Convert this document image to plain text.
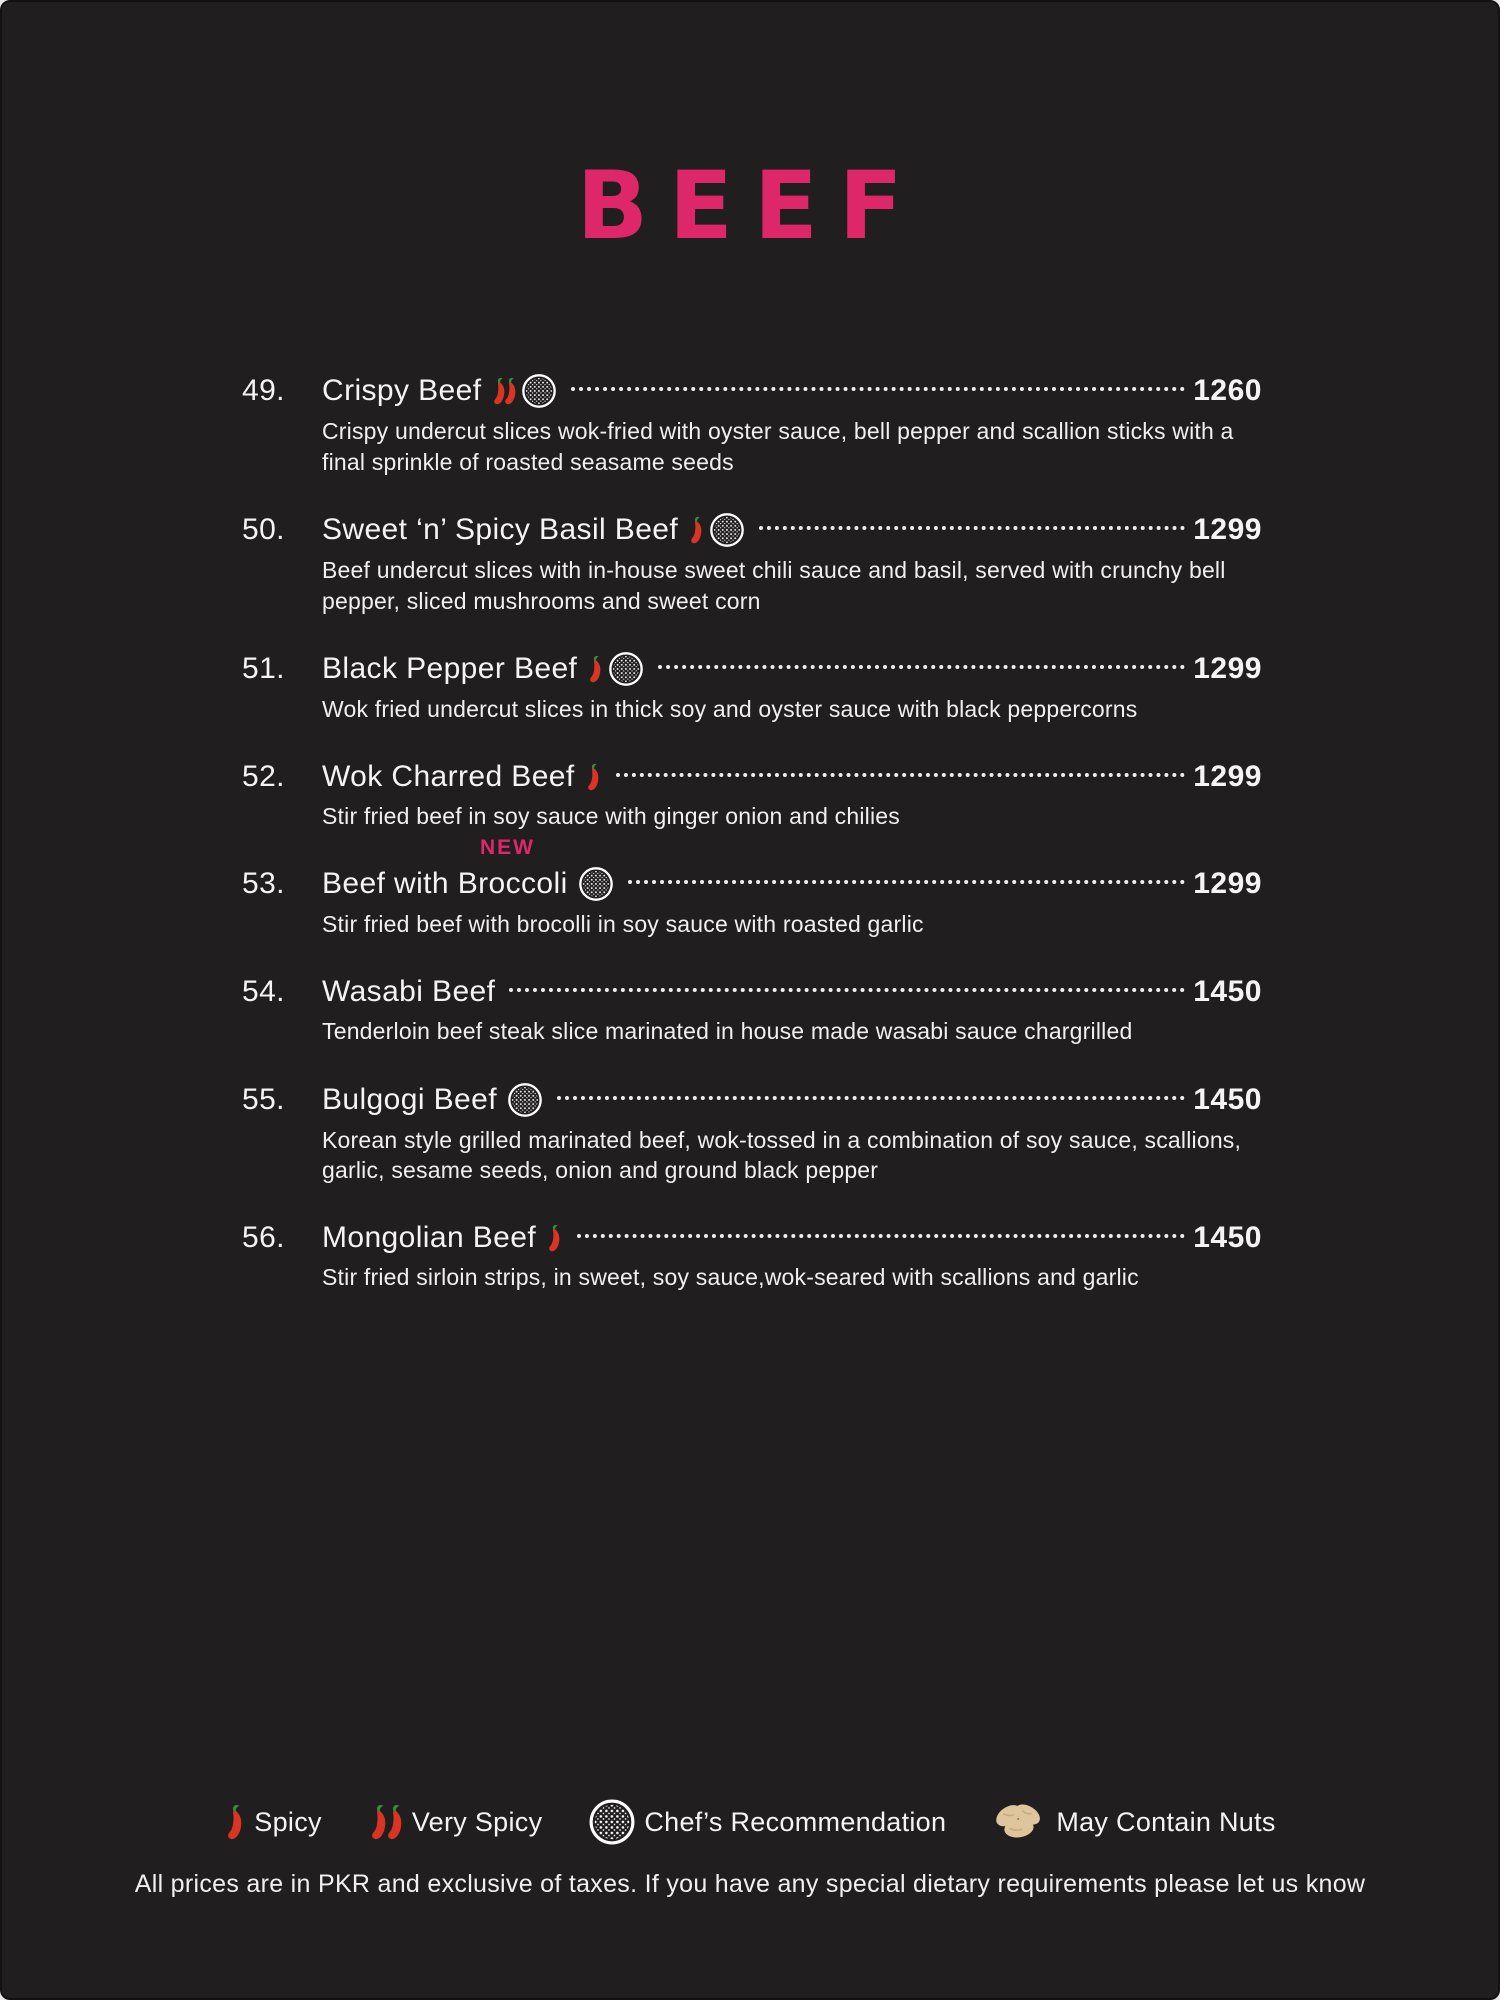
BEEF
49.	Crispy Beef	1260

Crispy undercut slices wok-fried with oyster sauce, bell pepper and scallion sticks with a final sprinkle of roasted seasame seeds

50.	Sweet ‘n’ Spicy Basil Beef	1299

Beef undercut slices with in-house sweet chili sauce and basil, served with crunchy bell pepper, sliced mushrooms and sweet corn

51.	Black Pepper Beef	1299

Wok fried undercut slices in thick soy and oyster sauce with black peppercorns

52.	Wok Charred Beef	1299

Stir fried beef in soy sauce with ginger onion and chilies

NEW
53.	Beef with Broccoli	1299

Stir fried beef with brocolli in soy sauce with roasted garlic

54.	Wasabi Beef	1450

Tenderloin beef steak slice marinated in house made wasabi sauce chargrilled

55.	Bulgogi Beef	1450

Korean style grilled marinated beef, wok-tossed in a combination of soy sauce, scallions, garlic, sesame seeds, onion and ground black pepper

56.	Mongolian Beef	1450

Stir fried sirloin strips, in sweet, soy sauce,wok-seared with scallions and garlic

Spicy	Very Spicy	Chef’s Recommendation	May Contain Nuts
All prices are in PKR and exclusive of taxes. If you have any special dietary requirements please let us know
